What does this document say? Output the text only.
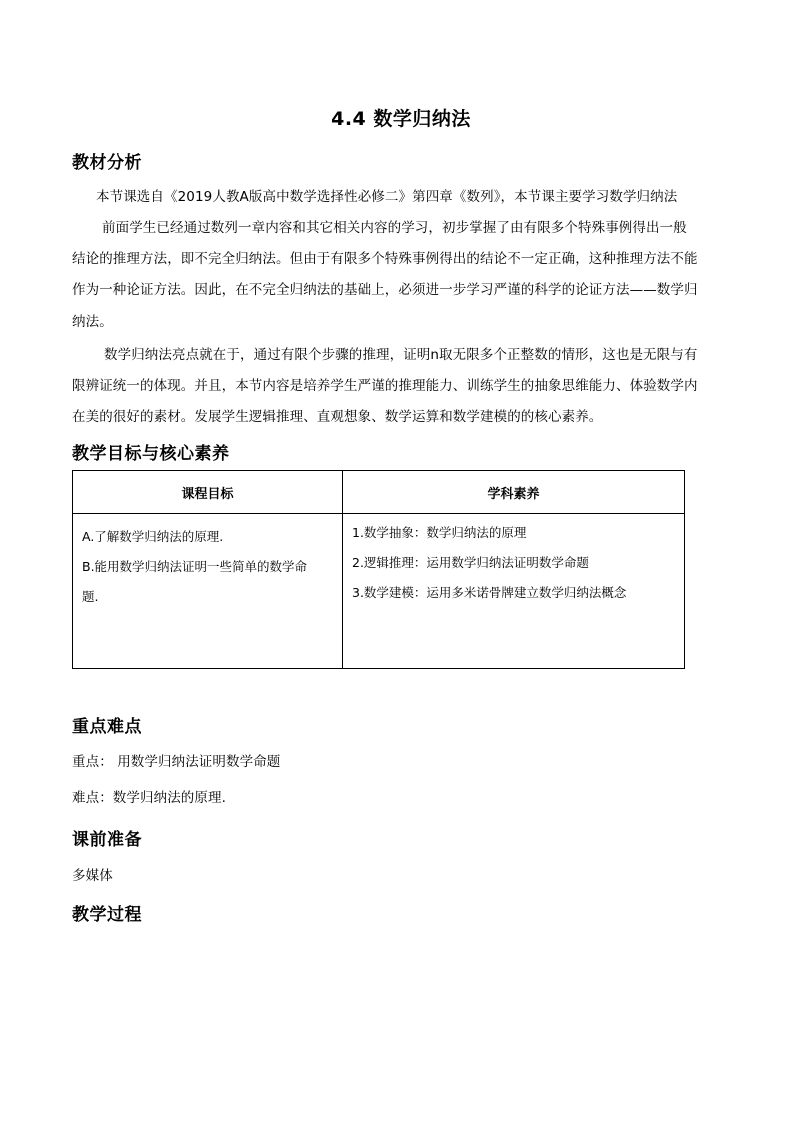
4.4 数学归纳法
教材分析
本节课选自《2019人教A版高中数学选择性必修二》第四章《数列》，本节课主要学习数学归纳法
前面学生已经通过数列一章内容和其它相关内容的学习，初步掌握了由有限多个特殊事例得出一般
结论的推理方法，即不完全归纳法。但由于有限多个特殊事例得出的结论不一定正确，这种推理方法不能
作为一种论证方法。因此，在不完全归纳法的基础上，必须进一步学习严谨的科学的论证方法——数学归
纳法。
数学归纳法亮点就在于，通过有限个步骤的推理，证明n取无限多个正整数的情形，这也是无限与有
限辨证统一的体现。并且，本节内容是培养学生严谨的推理能力、训练学生的抽象思维能力、体验数学内
在美的很好的素材。发展学生逻辑推理、直观想象、数学运算和数学建模的的核心素养。
教学目标与核心素养
课程目标	学科素养

A.了解数学归纳法的原理.
B.能用数学归纳法证明一些简单的数学命
题.	1.数学抽象：数学归纳法的原理
2.逻辑推理：运用数学归纳法证明数学命题
3.数学建模：运用多米诺骨牌建立数学归纳法概念
重点难点
重点： 用数学归纳法证明数学命题
难点：数学归纳法的原理.
课前准备
多媒体
教学过程
